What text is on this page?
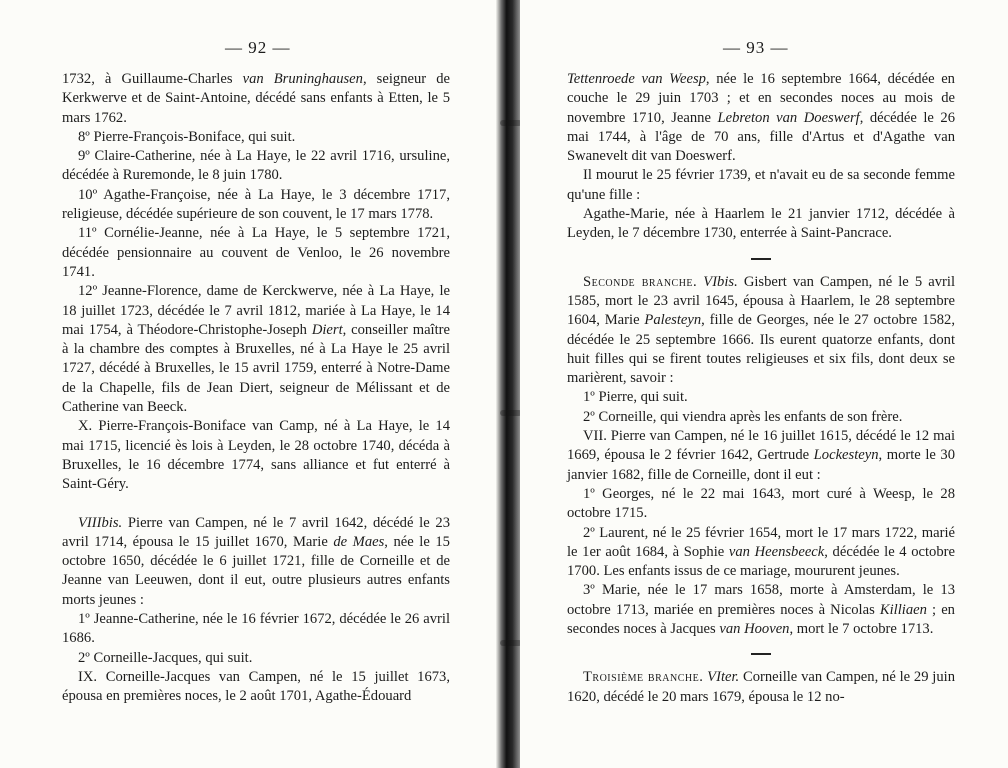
— 92 —

1732, à Guillaume-Charles van Bruninghausen, seigneur de Kerkwerve et de Saint-Antoine, décédé sans enfants à Etten, le 5 mars 1762.

8º Pierre-François-Boniface, qui suit.

9º Claire-Catherine, née à La Haye, le 22 avril 1716, ursuline, décédée à Ruremonde, le 8 juin 1780.

10º Agathe-Françoise, née à La Haye, le 3 décembre 1717, religieuse, décédée supérieure de son couvent, le 17 mars 1778.

11º Cornélie-Jeanne, née à La Haye, le 5 septembre 1721, décédée pensionnaire au couvent de Venloo, le 26 novembre 1741.

12º Jeanne-Florence, dame de Kerckwerve, née à La Haye, le 18 juillet 1723, décédée le 7 avril 1812, mariée à La Haye, le 14 mai 1754, à Théodore-Christophe-Joseph Diert, conseiller maître à la chambre des comptes à Bruxelles, né à La Haye le 25 avril 1727, décédé à Bruxelles, le 15 avril 1759, enterré à Notre-Dame de la Chapelle, fils de Jean Diert, seigneur de Mélissant et de Catherine van Beeck.

X. Pierre-François-Boniface van Camp, né à La Haye, le 14 mai 1715, licencié ès lois à Leyden, le 28 octobre 1740, décéda à Bruxelles, le 16 décembre 1774, sans alliance et fut enterré à Saint-Géry.

VIIIbis. Pierre van Campen, né le 7 avril 1642, décédé le 23 avril 1714, épousa le 15 juillet 1670, Marie de Maes, née le 15 octobre 1650, décédée le 6 juillet 1721, fille de Corneille et de Jeanne van Leeuwen, dont il eut, outre plusieurs autres enfants morts jeunes :

1º Jeanne-Catherine, née le 16 février 1672, décédée le 26 avril 1686.

2º Corneille-Jacques, qui suit.

IX. Corneille-Jacques van Campen, né le 15 juillet 1673, épousa en premières noces, le 2 août 1701, Agathe-Édouard

— 93 —

Tettenroede van Weesp, née le 16 septembre 1664, décédée en couche le 29 juin 1703 ; et en secondes noces au mois de novembre 1710, Jeanne Lebreton van Doeswerf, décédée le 26 mai 1744, à l'âge de 70 ans, fille d'Artus et d'Agathe van Swanevelt dit van Doeswerf.

Il mourut le 25 février 1739, et n'avait eu de sa seconde femme qu'une fille :

Agathe-Marie, née à Haarlem le 21 janvier 1712, décédée à Leyden, le 7 décembre 1730, enterrée à Saint-Pancrace.

Seconde branche. VIbis. Gisbert van Campen, né le 5 avril 1585, mort le 23 avril 1645, épousa à Haarlem, le 28 septembre 1604, Marie Palesteyn, fille de Georges, née le 27 octobre 1582, décédée le 25 septembre 1666. Ils eurent quatorze enfants, dont huit filles qui se firent toutes religieuses et six fils, dont deux se marièrent, savoir :

1º Pierre, qui suit.

2º Corneille, qui viendra après les enfants de son frère.

VII. Pierre van Campen, né le 16 juillet 1615, décédé le 12 mai 1669, épousa le 2 février 1642, Gertrude Lockesteyn, morte le 30 janvier 1682, fille de Corneille, dont il eut :

1º Georges, né le 22 mai 1643, mort curé à Weesp, le 28 octobre 1715.

2º Laurent, né le 25 février 1654, mort le 17 mars 1722, marié le 1er août 1684, à Sophie van Heensbeeck, décédée le 4 octobre 1700. Les enfants issus de ce mariage, moururent jeunes.

3º Marie, née le 17 mars 1658, morte à Amsterdam, le 13 octobre 1713, mariée en premières noces à Nicolas Killiaen ; en secondes noces à Jacques van Hooven, mort le 7 octobre 1713.

Troisième branche. VIter. Corneille van Campen, né le 29 juin 1620, décédé le 20 mars 1679, épousa le 12 no-
